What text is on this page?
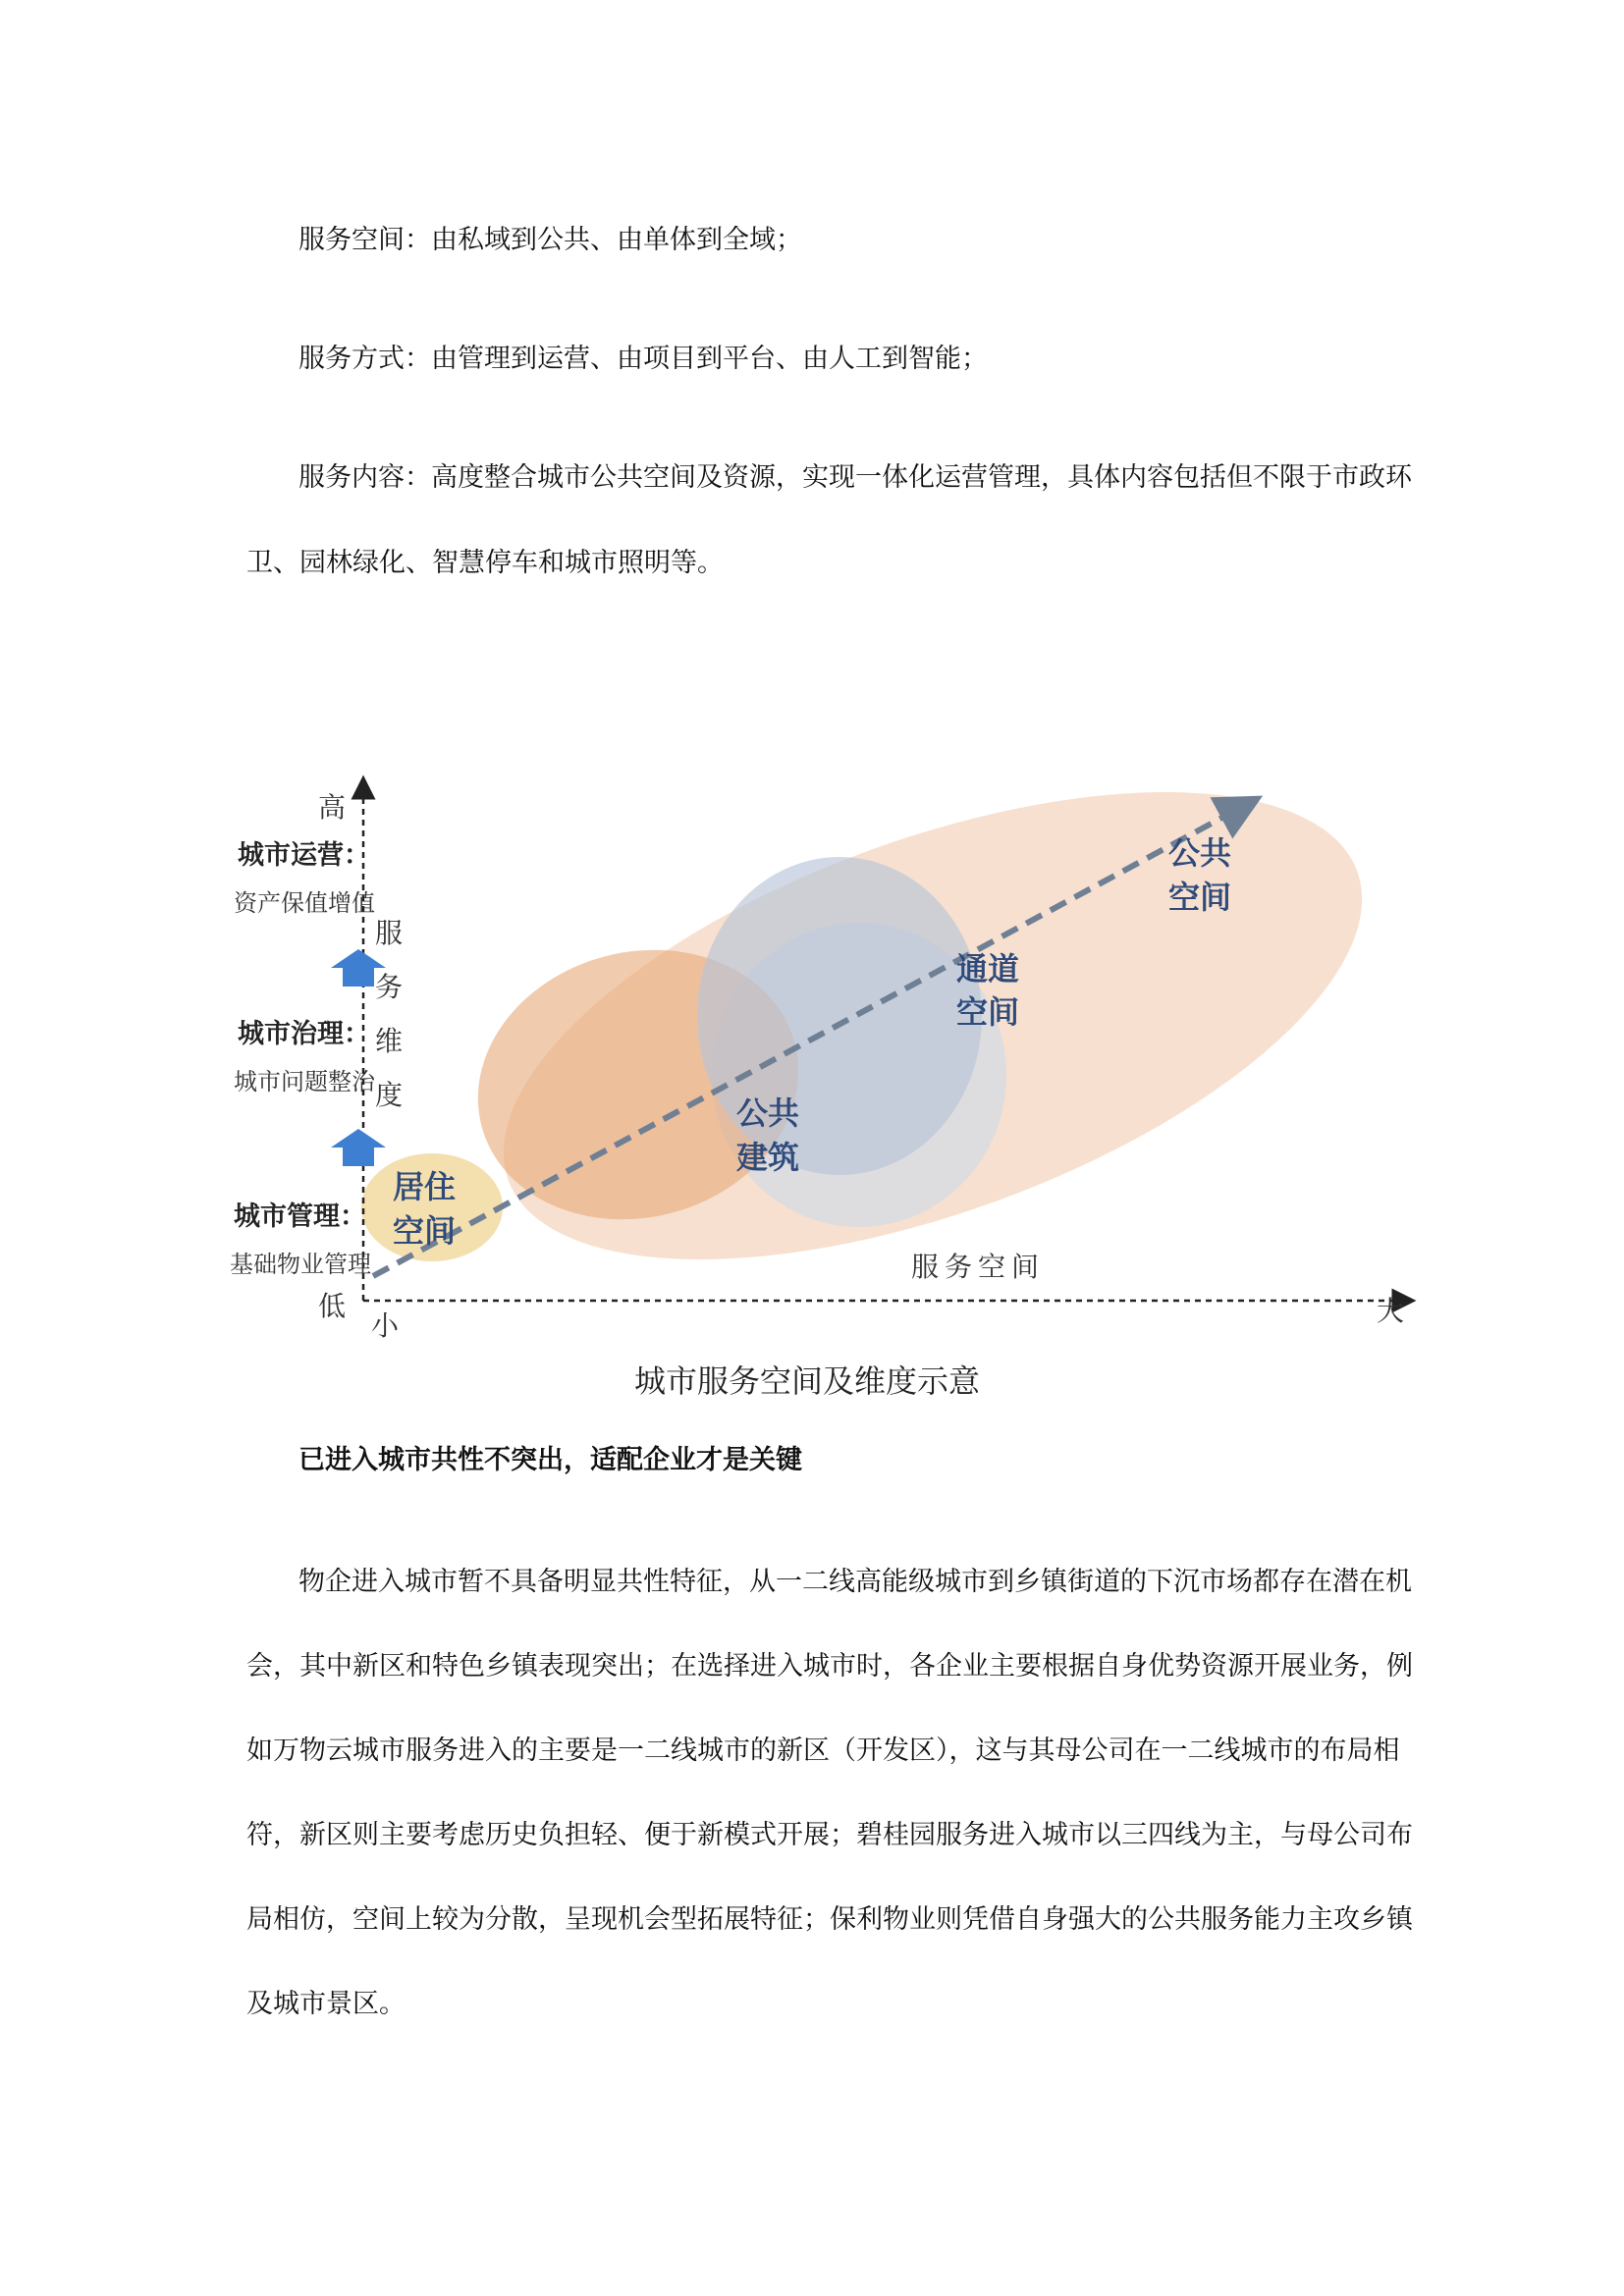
服务空间：由私域到公共、由单体到全域；
服务方式：由管理到运营、由项目到平台、由人工到智能；
服务内容：高度整合城市公共空间及资源，实现一体化运营管理，具体内容包括但不限于市政环
卫、园林绿化、智慧停车和城市照明等。
高
低
服
务
维
度
小	大
服务空间
居住
空间
公共
建筑
通道
空间
公共
空间
城市运营：
资产保值增值
城市治理：
城市问题整治
城市管理：
基础物业管理
城市服务空间及维度示意
已进入城市共性不突出，适配企业才是关键
物企进入城市暂不具备明显共性特征，从一二线高能级城市到乡镇街道的下沉市场都存在潜在机
会，其中新区和特色乡镇表现突出；在选择进入城市时，各企业主要根据自身优势资源开展业务，例
如万物云城市服务进入的主要是一二线城市的新区（开发区），这与其母公司在一二线城市的布局相
符，新区则主要考虑历史负担轻、便于新模式开展；碧桂园服务进入城市以三四线为主，与母公司布
局相仿，空间上较为分散，呈现机会型拓展特征；保利物业则凭借自身强大的公共服务能力主攻乡镇
及城市景区。
